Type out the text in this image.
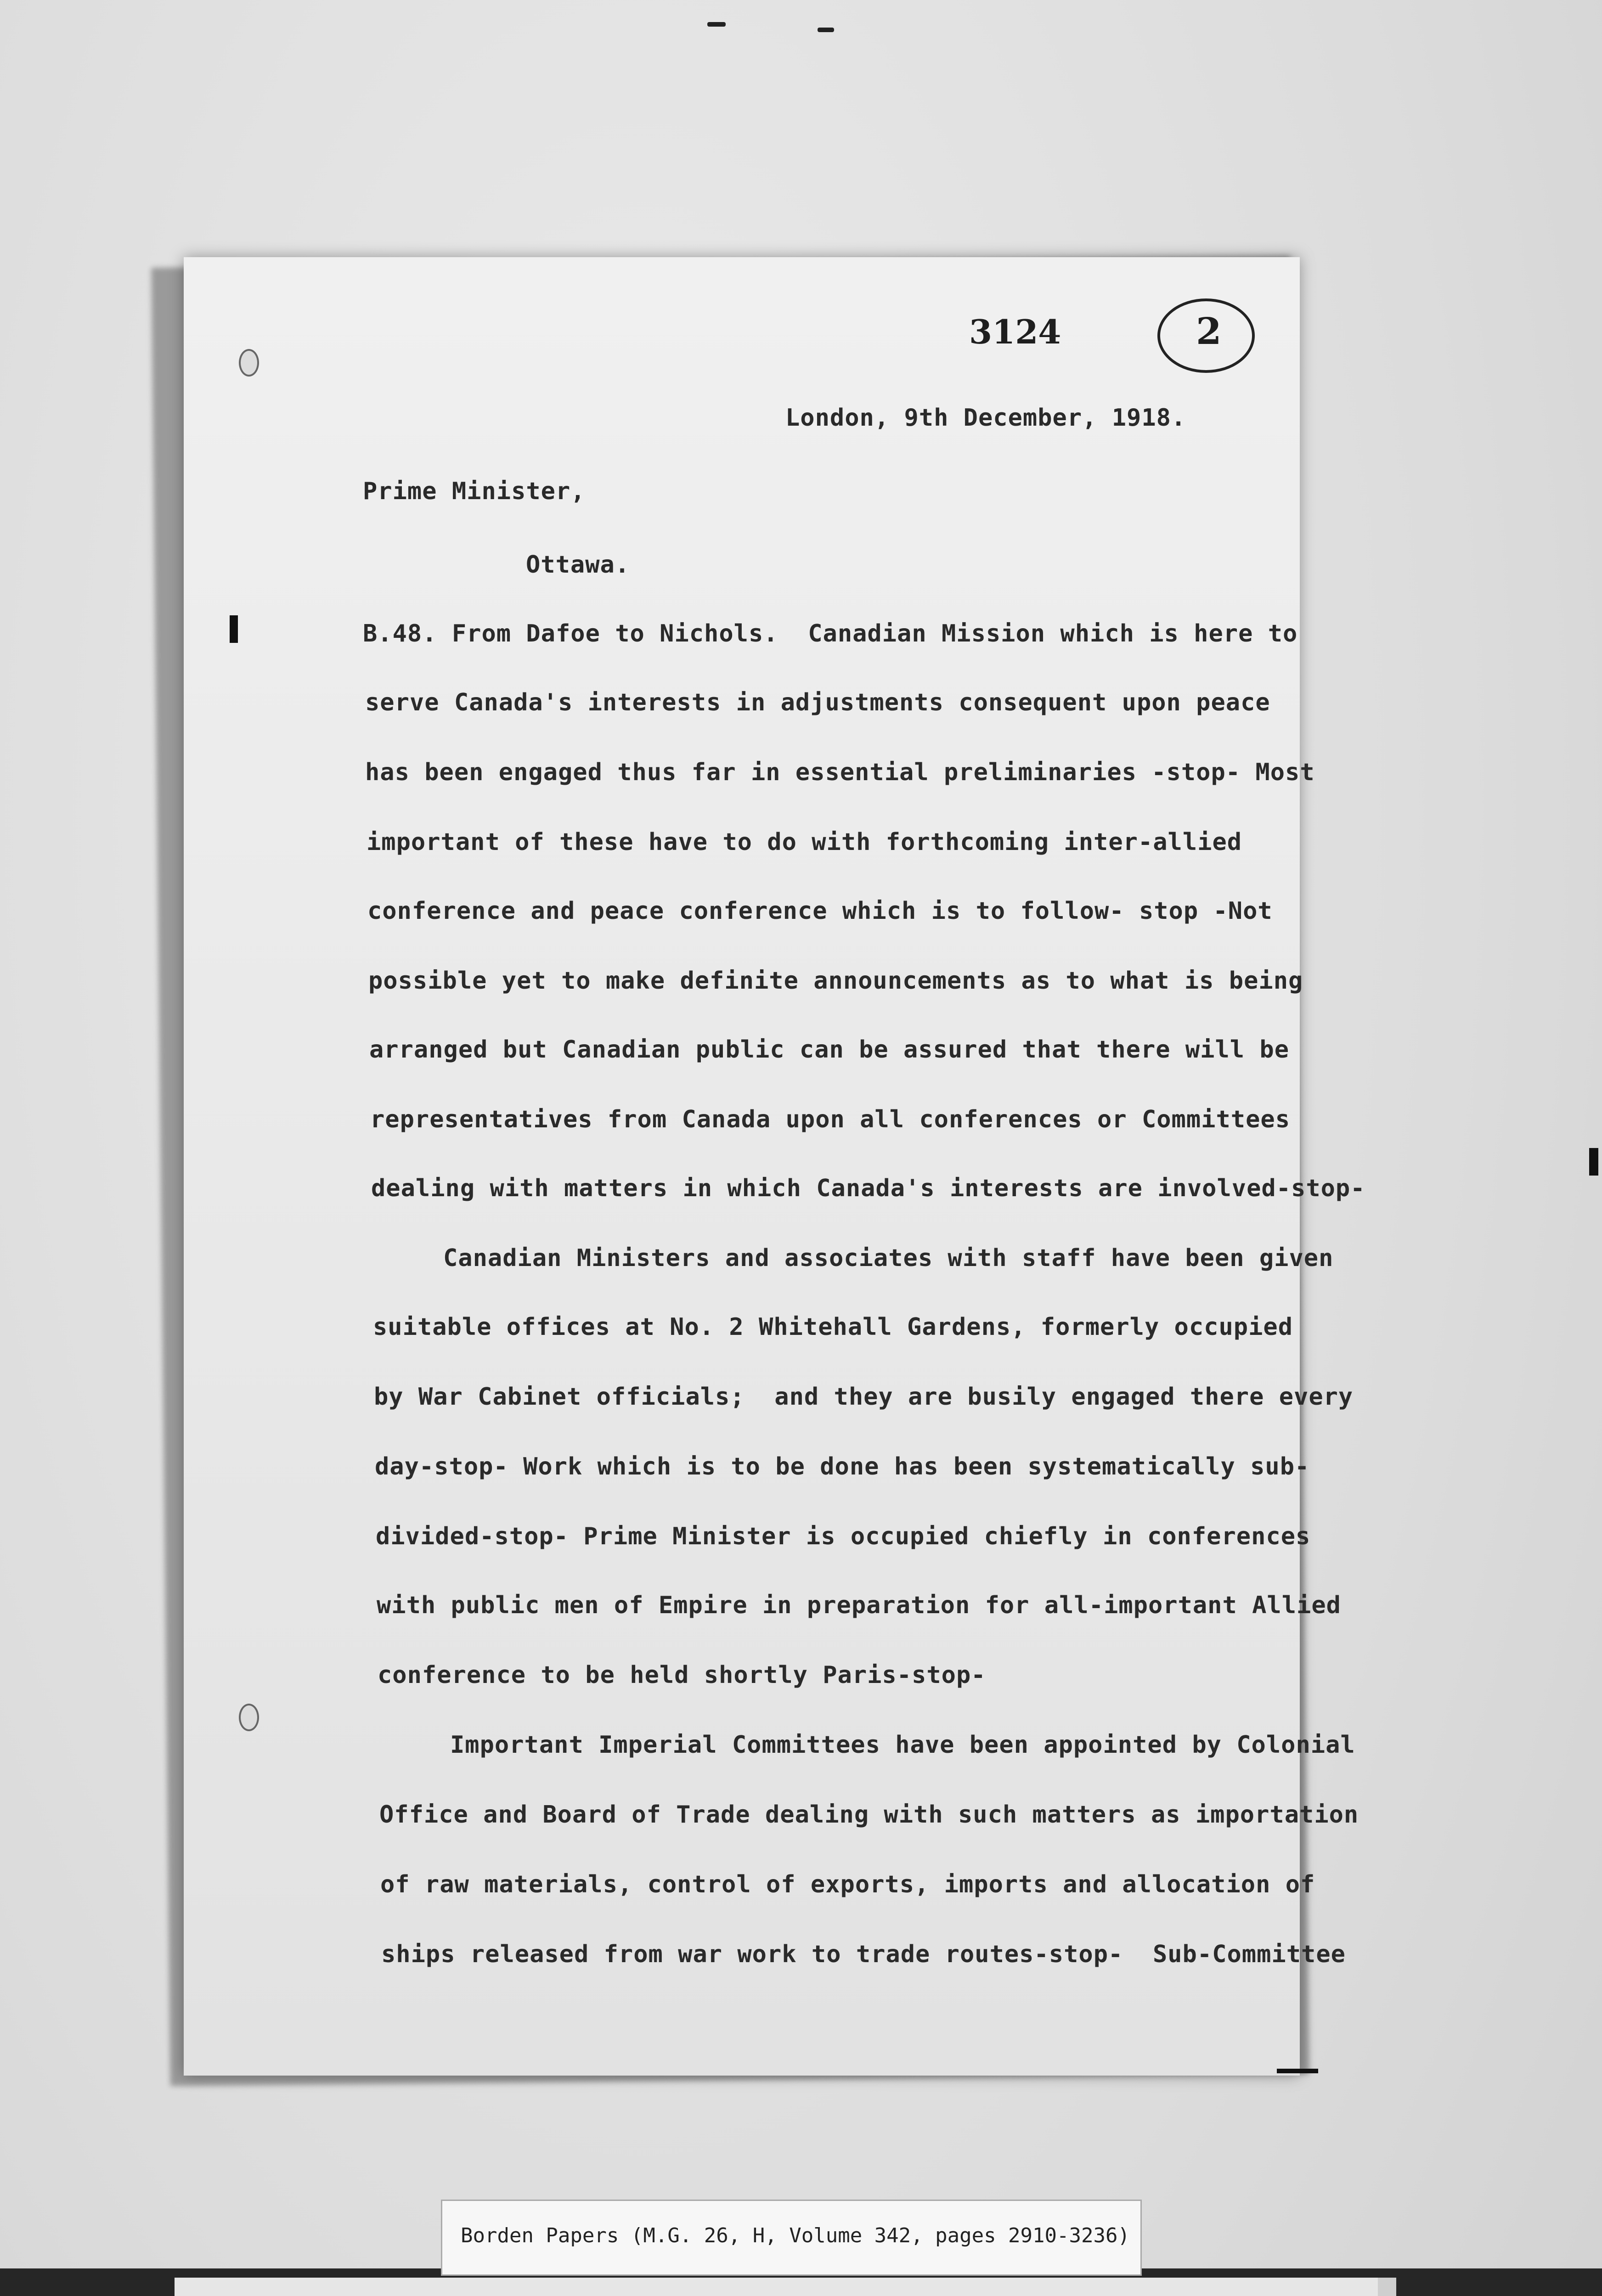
3124	2
London, 9th December, 1918.
Prime Minister,
Ottawa.
B.48. From Dafoe to Nichols.  Canadian Mission which is here to
serve Canada's interests in adjustments consequent upon peace
has been engaged thus far in essential preliminaries -stop- Most
important of these have to do with forthcoming inter-allied
conference and peace conference which is to follow- stop -Not
possible yet to make definite announcements as to what is being
arranged but Canadian public can be assured that there will be
representatives from Canada upon all conferences or Committees
dealing with matters in which Canada's interests are involved-stop-
Canadian Ministers and associates with staff have been given
suitable offices at No. 2 Whitehall Gardens, formerly occupied
by War Cabinet officials;  and they are busily engaged there every
day-stop- Work which is to be done has been systematically sub-
divided-stop- Prime Minister is occupied chiefly in conferences
with public men of Empire in preparation for all-important Allied
conference to be held shortly Paris-stop-
Important Imperial Committees have been appointed by Colonial
Office and Board of Trade dealing with such matters as importation
of raw materials, control of exports, imports and allocation of
ships released from war work to trade routes-stop-  Sub-Committee
Borden Papers (M.G. 26, H, Volume 342, pages 2910-3236)
